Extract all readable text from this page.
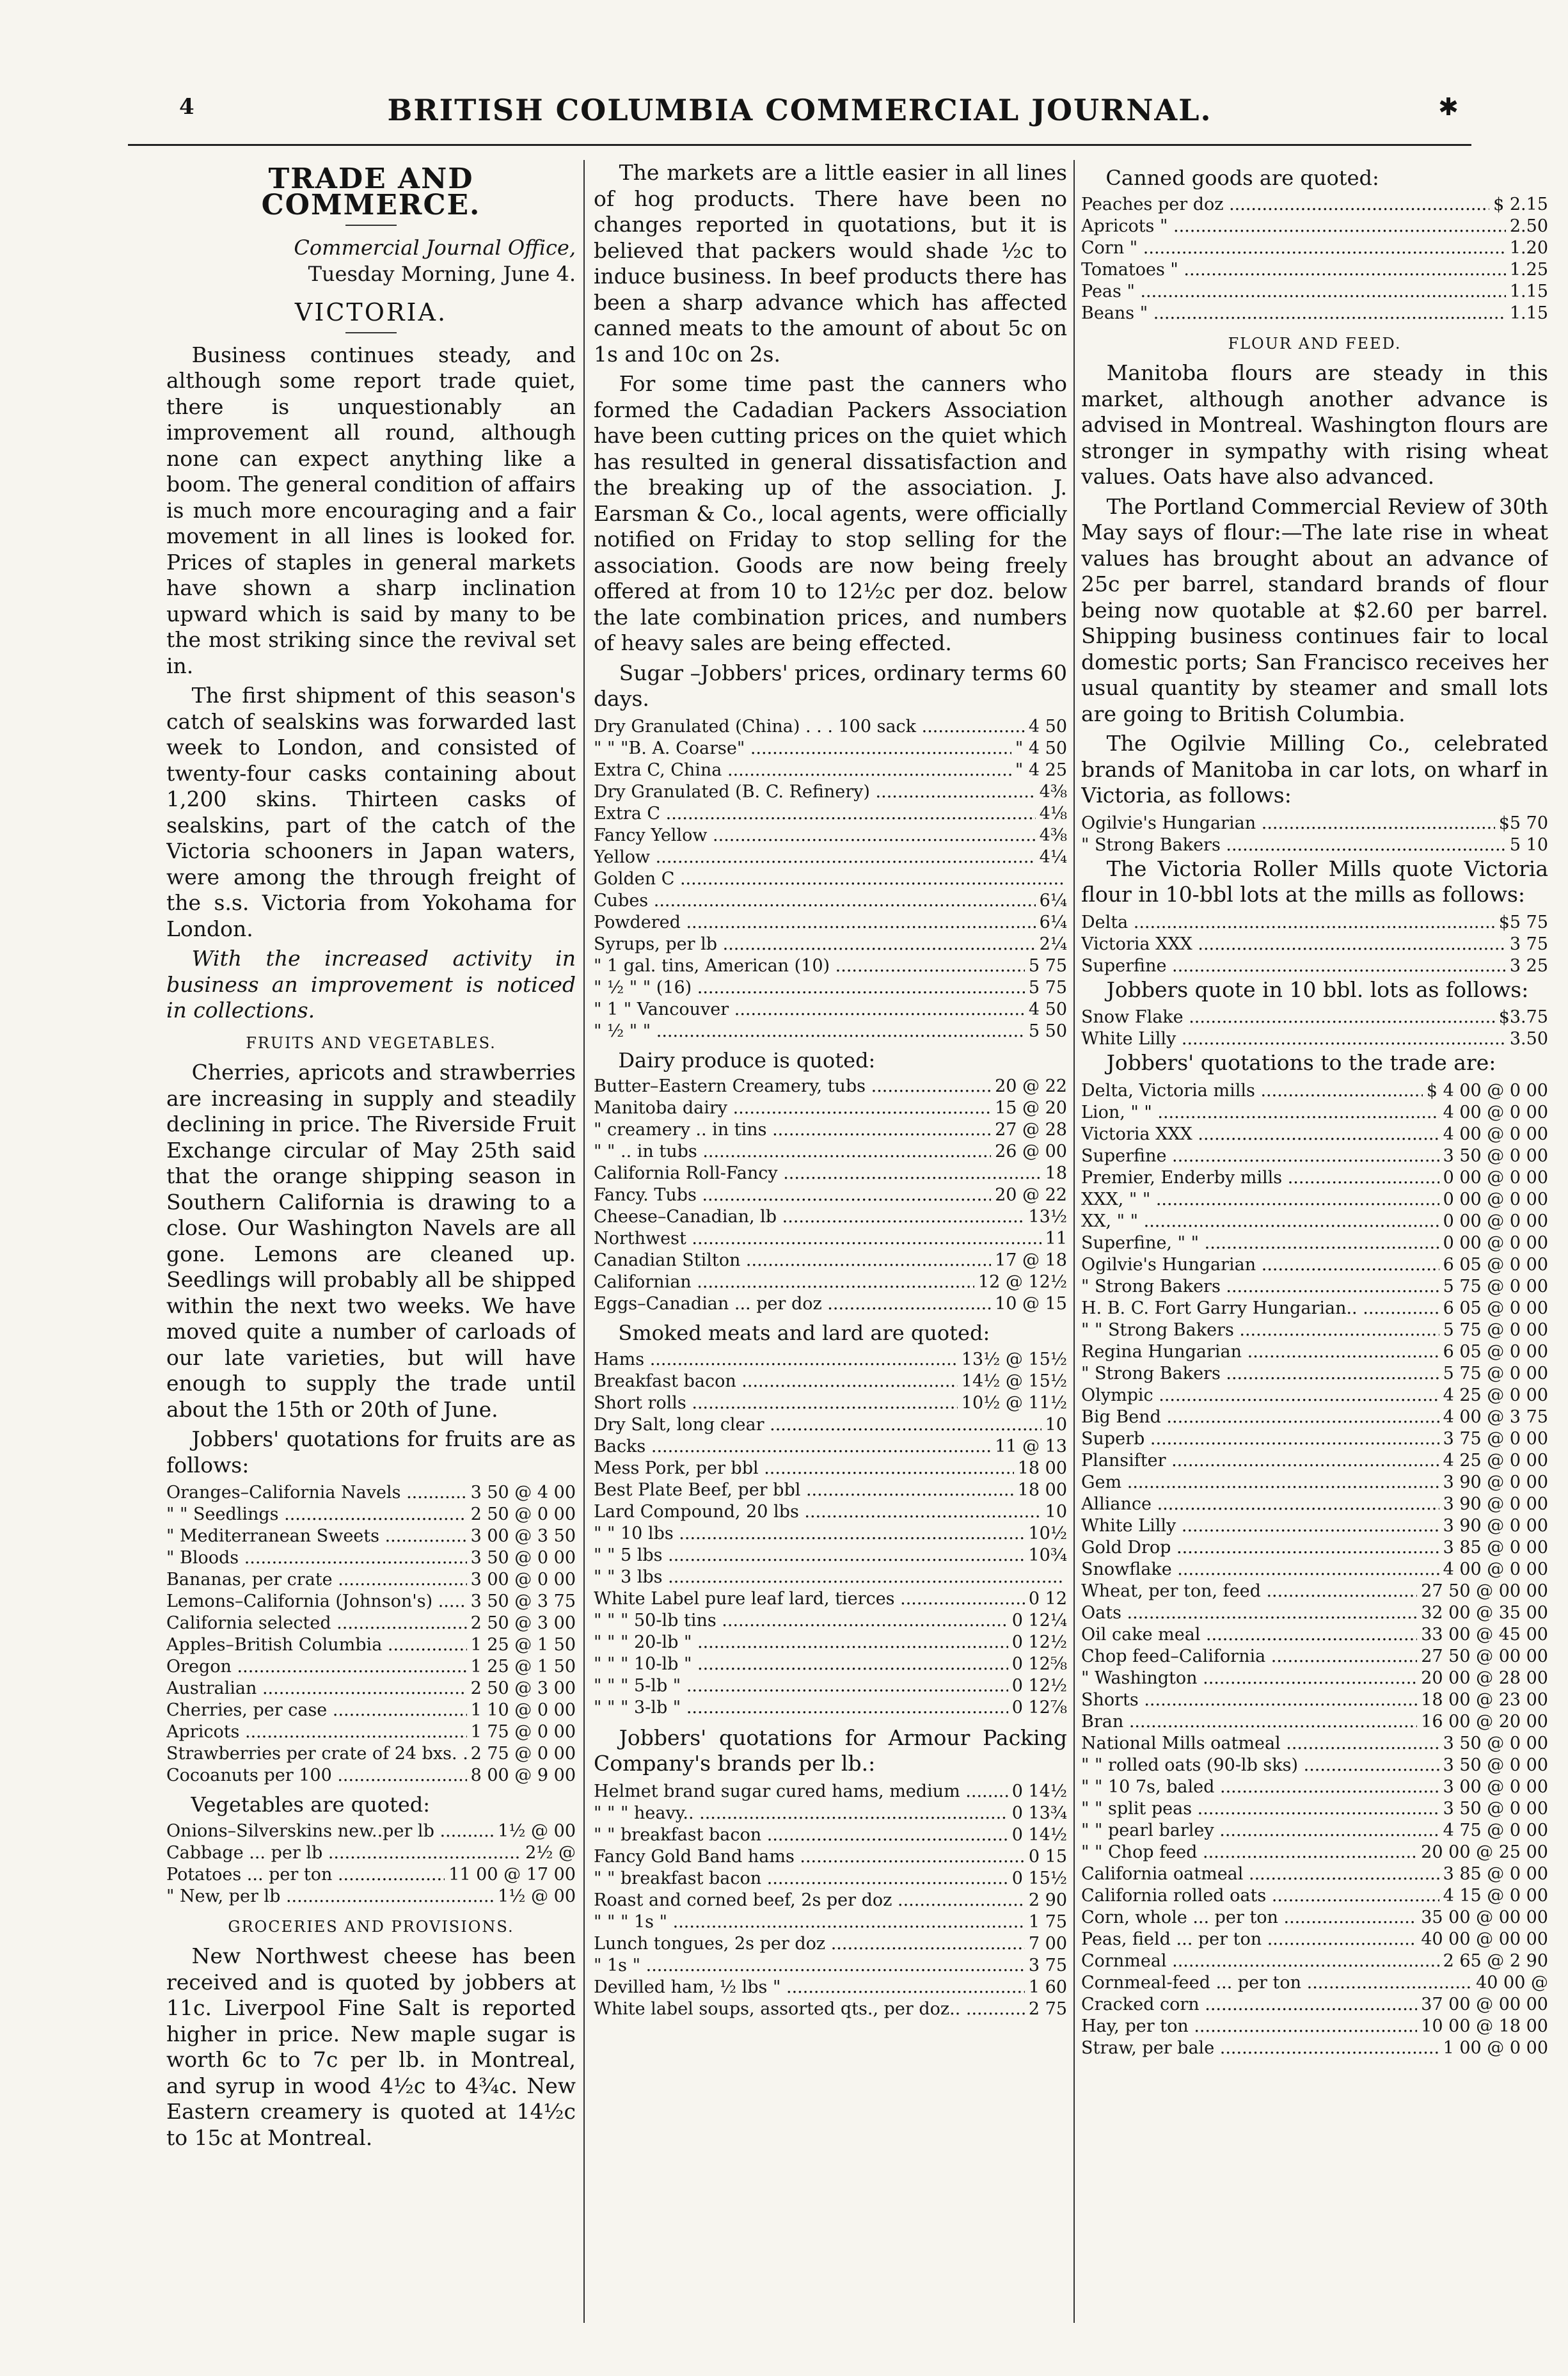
4	BRITISH COLUMBIA COMMERCIAL JOURNAL.	✱
TRADE AND COMMERCE.
Commercial Journal Office,
Tuesday Morning, June 4.
VICTORIA.

Business continues steady, and although some report trade quiet, there is unquestionably an improvement all round, although none can expect anything like a boom. The general condition of affairs is much more encouraging and a fair movement in all lines is looked for. Prices of staples in general markets have shown a sharp inclination upward which is said by many to be the most striking since the revival set in.

The first shipment of this season's catch of sealskins was forwarded last week to London, and consisted of twenty-four casks containing about 1,200 skins. Thirteen casks of sealskins, part of the catch of the Victoria schooners in Japan waters, were among the through freight of the s.s. Victoria from Yokohama for London.

With the increased activity in business an improvement is noticed in collections.

FRUITS AND VEGETABLES.

Cherries, apricots and strawberries are increasing in supply and steadily declining in price. The Riverside Fruit Exchange circular of May 25th said that the orange shipping season in Southern California is drawing to a close. Our Washington Navels are all gone. Lemons are cleaned up. Seedlings will probably all be shipped within the next two weeks. We have moved quite a number of carloads of our late varieties, but will have enough to supply the trade until about the 15th or 20th of June.

Jobbers' quotations for fruits are as follows:

Oranges–California Navels .....	3 50 @ 4 00
" " Seedlings .....	2 50 @ 0 00
" Mediterranean Sweets .....	3 00 @ 3 50
" Bloods .....	3 50 @ 0 00
Bananas, per crate .....	3 00 @ 0 00
Lemons–California (Johnson's) .....	3 50 @ 3 75
California selected .....	2 50 @ 3 00
Apples–British Columbia .....	1 25 @ 1 50
Oregon .....	1 25 @ 1 50
Australian .....	2 50 @ 3 00
Cherries, per case .....	1 10 @ 0 00
Apricots .....	1 75 @ 0 00
Strawberries per crate of 24 bxs. ..... 2 75 @ 0 00
Cocoanuts per 100 .....	8 00 @ 9 00
Vegetables are quoted:
Onions–Silverskins new..per lb .....	1½ @ 00
Cabbage ... per lb .....	2½ @
Potatoes ... per ton .....	11 00 @ 17 00
" New, per lb .....	1½ @ 00
GROCERIES AND PROVISIONS.

New Northwest cheese has been received and is quoted by jobbers at 11c. Liverpool Fine Salt is reported higher in price. New maple sugar is worth 6c to 7c per lb. in Montreal, and syrup in wood 4½c to 4¾c. New Eastern creamery is quoted at 14½c to 15c at Montreal.

The markets are a little easier in all lines of hog products. There have been no changes reported in quotations, but it is believed that packers would shade ½c to induce business. In beef products there has been a sharp advance which has affected canned meats to the amount of about 5c on 1s and 10c on 2s.

For some time past the canners who formed the Cadadian Packers Association have been cutting prices on the quiet which has resulted in general dissatisfaction and the breaking up of the association. J. Earsman & Co., local agents, were officially notified on Friday to stop selling for the association. Goods are now being freely offered at from 10 to 12½c per doz. below the late combination prices, and numbers of heavy sales are being effected.

Sugar –Jobbers' prices, ordinary terms 60 days.

Dry Granulated (China) . . . 100 sack .....	4 50
" " "B. A. Coarse" .....	" 4 50
Extra C, China .....	" 4 25
Dry Granulated (B. C. Refinery) .....	4⅜
Extra C .....	4⅛
Fancy Yellow .....	4⅜
Yellow .....	4¼
Golden C .....
Cubes .....	6¼
Powdered .....	6¼
Syrups, per lb .....	2¼
" 1 gal. tins, American (10) .....	5 75
" ½ " " (16) .....	5 75
" 1 " Vancouver .....	4 50
" ½ " " .....	5 50
Dairy produce is quoted:
Butter–Eastern Creamery, tubs .....	20 @ 22
Manitoba dairy .....	15 @ 20
" creamery .. in tins .....	27 @ 28
" " .. in tubs .....	26 @ 00
California Roll-Fancy .....	18
Fancy. Tubs .....	20 @ 22
Cheese–Canadian, lb .....	13½
Northwest .....	11
Canadian Stilton .....	17 @ 18
Californian .....	12 @ 12½
Eggs–Canadian ... per doz .....	10 @ 15
Smoked meats and lard are quoted:
Hams .....	13½ @ 15½
Breakfast bacon .....	14½ @ 15½
Short rolls .....	10½ @ 11½
Dry Salt, long clear .....	10
Backs .....	11 @ 13
Mess Pork, per bbl .....	18 00
Best Plate Beef, per bbl .....	18 00
Lard Compound, 20 lbs .....	10
" " 10 lbs .....	10½
" " 5 lbs .....	10¾
" " 3 lbs .....
White Label pure leaf lard, tierces .....	0 12
" " " 50-lb tins .....	0 12¼
" " " 20-lb " .....	0 12½
" " " 10-lb " .....	0 12⅝
" " " 5-lb " .....	0 12½
" " " 3-lb " .....	0 12⅞

Jobbers' quotations for Armour Packing Company's brands per lb.:

Helmet brand sugar cured hams, medium .....	0 14½
" " " heavy.. .....	0 13¾
" " breakfast bacon .....	0 14½
Fancy Gold Band hams .....	0 15
" " breakfast bacon .....	0 15½
Roast and corned beef, 2s per doz .....	2 90
" " " 1s " .....	1 75
Lunch tongues, 2s per doz .....	7 00
" 1s " .....	3 75
Devilled ham, ½ lbs " .....	1 60
White label soups, assorted qts., per doz.. .....	2 75
Canned goods are quoted:
Peaches per doz .....	$ 2.15
Apricots " .....	2.50
Corn " .....	1.20
Tomatoes " .....	1.25
Peas " .....	1.15
Beans " .....	1.15
FLOUR AND FEED.

Manitoba flours are steady in this market, although another advance is advised in Montreal. Washington flours are stronger in sympathy with rising wheat values. Oats have also advanced.

The Portland Commercial Review of 30th May says of flour:—The late rise in wheat values has brought about an advance of 25c per barrel, standard brands of flour being now quotable at $2.60 per barrel. Shipping business continues fair to local domestic ports; San Francisco receives her usual quantity by steamer and small lots are going to British Columbia.

The Ogilvie Milling Co., celebrated brands of Manitoba in car lots, on wharf in Victoria, as follows:

Ogilvie's Hungarian .....	$5 70
" Strong Bakers .....	5 10

The Victoria Roller Mills quote Victoria flour in 10-bbl lots at the mills as follows:

Delta .....	$5 75
Victoria XXX .....	3 75
Superfine .....	3 25

Jobbers quote in 10 bbl. lots as follows:

Snow Flake .....	$3.75
White Lilly .....	3.50

Jobbers' quotations to the trade are:

Delta, Victoria mills .....	$ 4 00 @ 0 00
Lion, " " .....	4 00 @ 0 00
Victoria XXX .....	4 00 @ 0 00
Superfine .....	3 50 @ 0 00
Premier, Enderby mills .....	0 00 @ 0 00
XXX, " " .....	0 00 @ 0 00
XX, " " .....	0 00 @ 0 00
Superfine, " " .....	0 00 @ 0 00
Ogilvie's Hungarian .....	6 05 @ 0 00
" Strong Bakers .....	5 75 @ 0 00
H. B. C. Fort Garry Hungarian.. .....	6 05 @ 0 00
" " Strong Bakers .....	5 75 @ 0 00
Regina Hungarian .....	6 05 @ 0 00
" Strong Bakers .....	5 75 @ 0 00
Olympic .....	4 25 @ 0 00
Big Bend .....	4 00 @ 3 75
Superb .....	3 75 @ 0 00
Plansifter .....	4 25 @ 0 00
Gem .....	3 90 @ 0 00
Alliance .....	3 90 @ 0 00
White Lilly .....	3 90 @ 0 00
Gold Drop .....	3 85 @ 0 00
Snowflake .....	4 00 @ 0 00
Wheat, per ton, feed .....	27 50 @ 00 00
Oats .....	32 00 @ 35 00
Oil cake meal .....	33 00 @ 45 00
Chop feed–California .....	27 50 @ 00 00
" Washington .....	20 00 @ 28 00
Shorts .....	18 00 @ 23 00
Bran .....	16 00 @ 20 00
National Mills oatmeal .....	3 50 @ 0 00
" " rolled oats (90-lb sks) .....	3 50 @ 0 00
" " 10 7s, baled .....	3 00 @ 0 00
" " split peas .....	3 50 @ 0 00
" " pearl barley .....	4 75 @ 0 00
" " Chop feed .....	20 00 @ 25 00
California oatmeal .....	3 85 @ 0 00
California rolled oats .....	4 15 @ 0 00
Corn, whole ... per ton .....	35 00 @ 00 00
Peas, field ... per ton .....	40 00 @ 00 00
Cornmeal .....	2 65 @ 2 90
Cornmeal-feed ... per ton .....	40 00 @
Cracked corn .....	37 00 @ 00 00
Hay, per ton .....	10 00 @ 18 00
Straw, per bale .....	1 00 @ 0 00
